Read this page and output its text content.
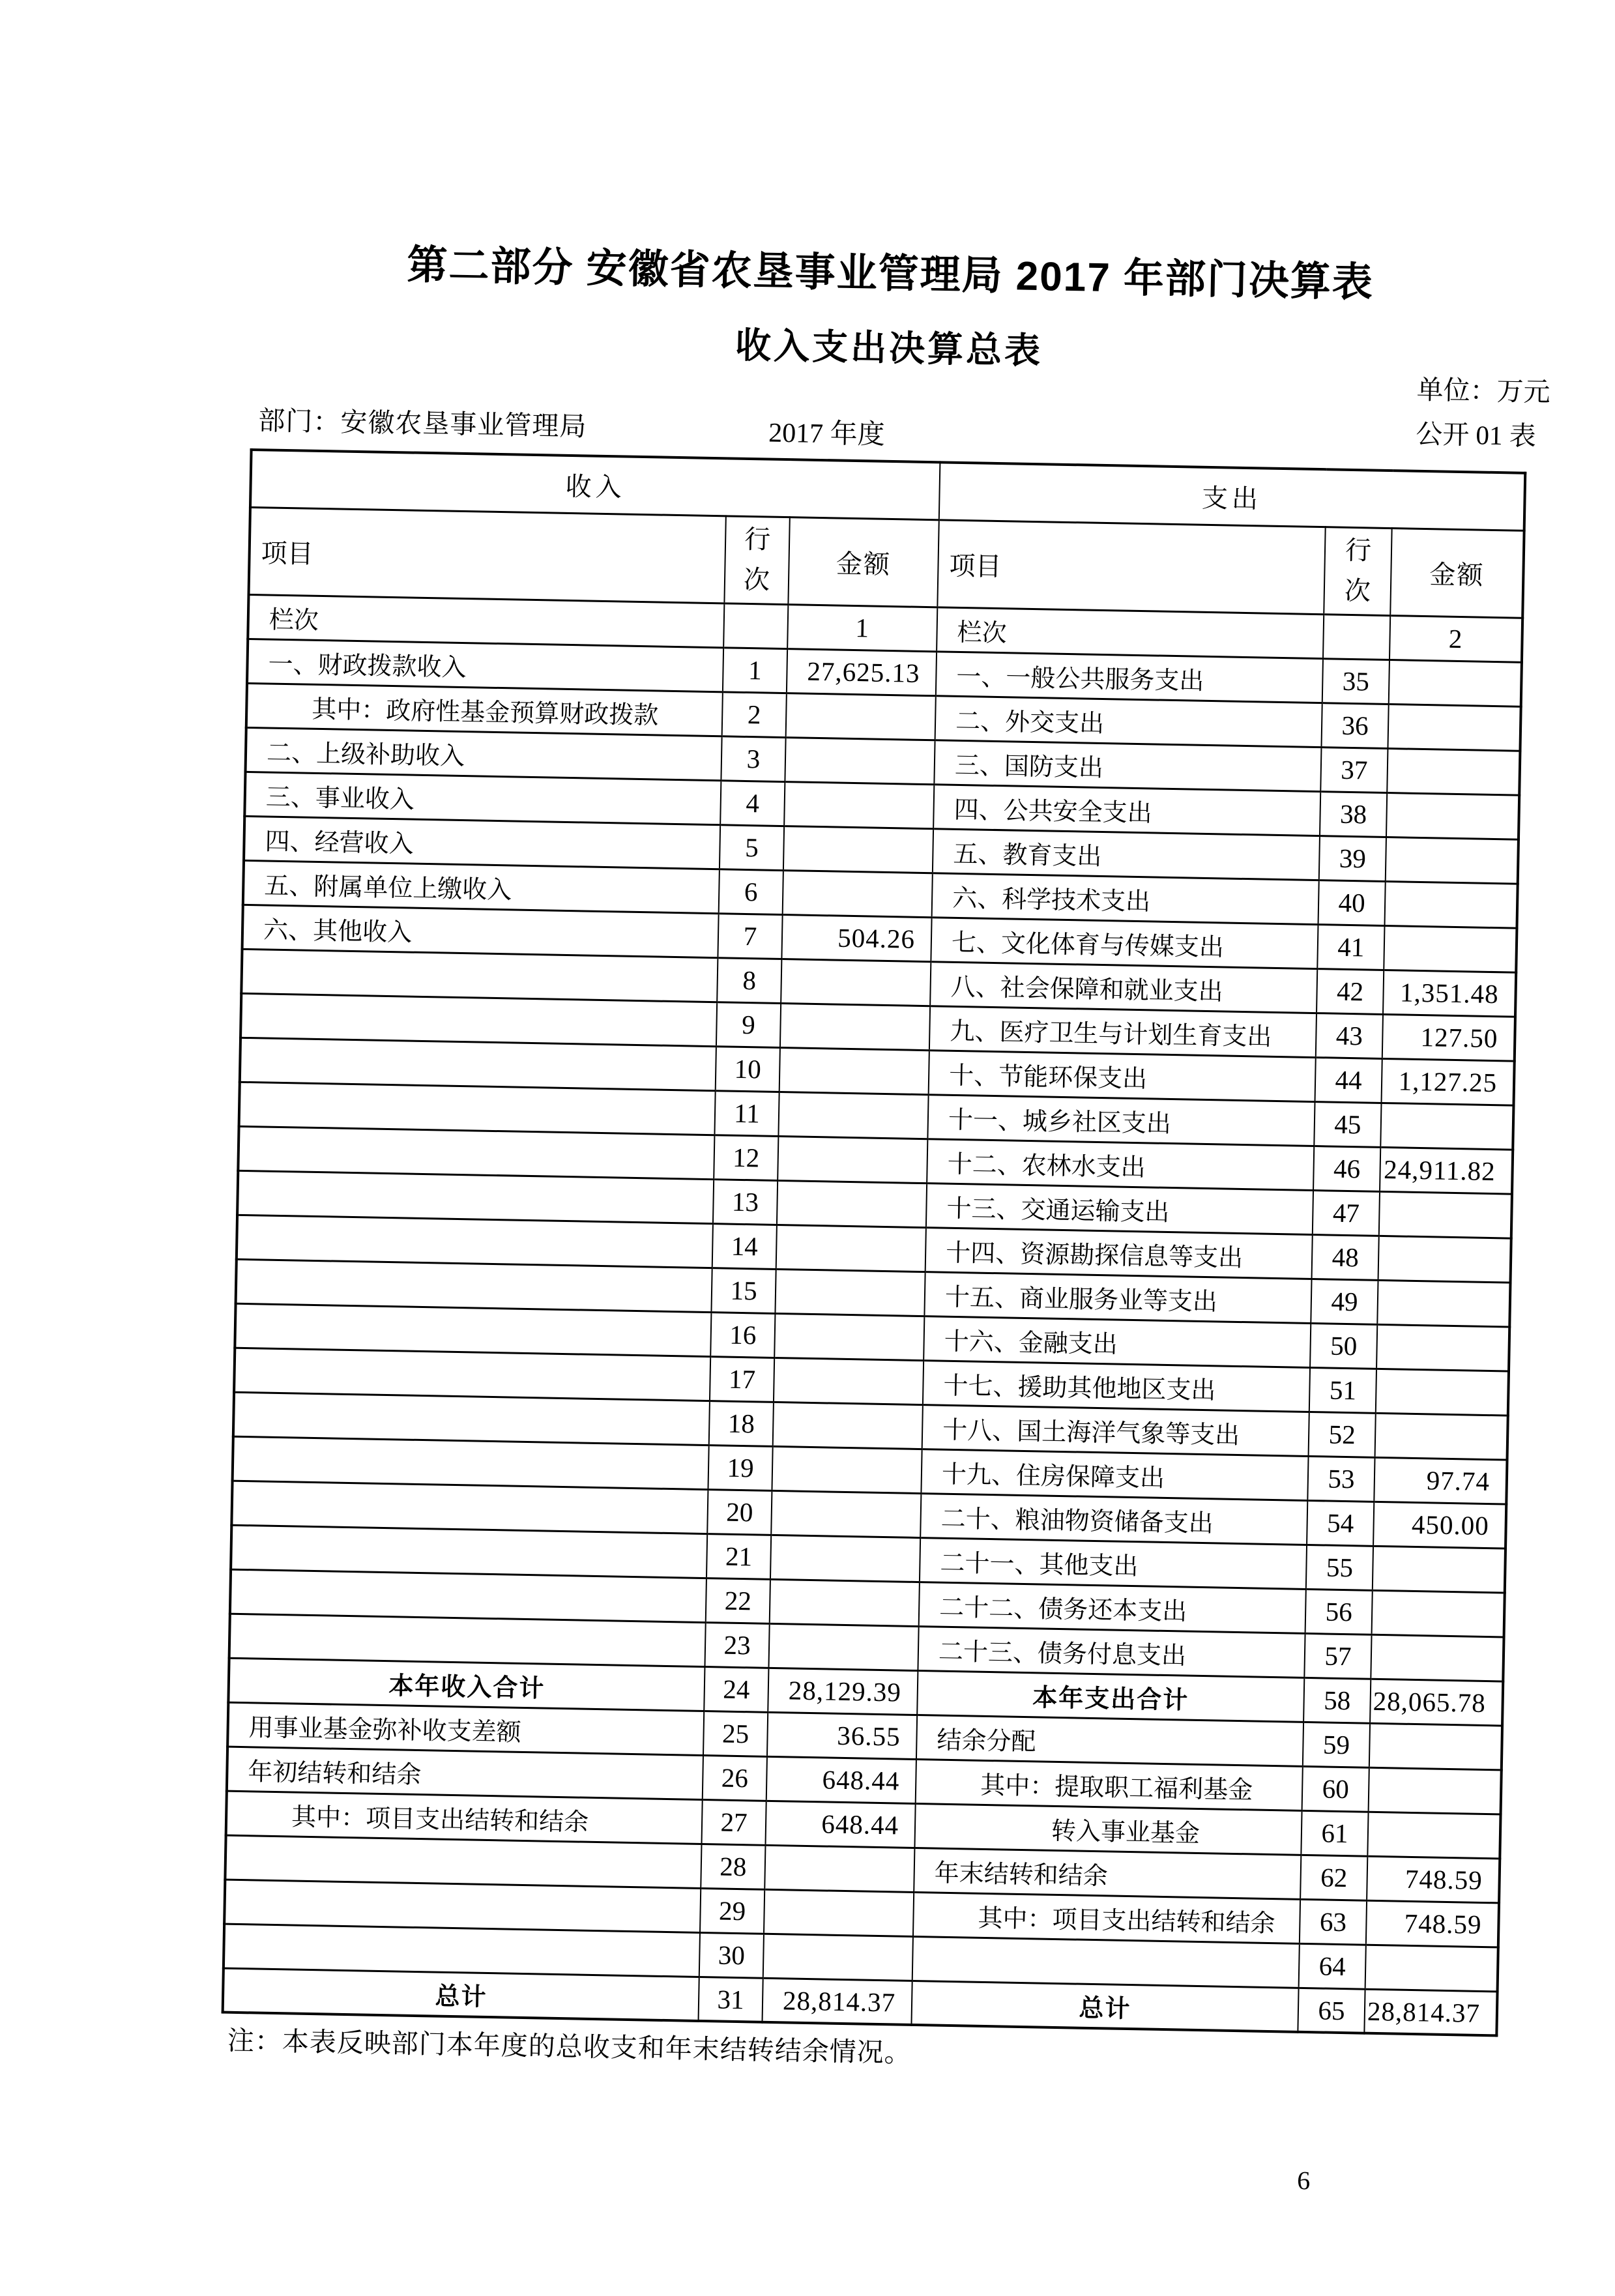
第二部分 安徽省农垦事业管理局 2017 年部门决算表
收入支出决算总表
部门：安徽农垦事业管理局	2017 年度
单位：万元
公开 01 表
收入			支出		
项目	行次	金额	项目	行次	金额
栏次		1	栏次		2
一、财政拨款收入	1	27,625.13	一、一般公共服务支出	35	
其中：政府性基金预算财政拨款	2		二、外交支出	36	
二、上级补助收入	3		三、国防支出	37	
三、事业收入	4		四、公共安全支出	38	
四、经营收入	5		五、教育支出	39	
五、附属单位上缴收入	6		六、科学技术支出	40	
六、其他收入	7	504.26	七、文化体育与传媒支出	41	
	8		八、社会保障和就业支出	42	1,351.48
	9		九、医疗卫生与计划生育支出	43	127.50
	10		十、节能环保支出	44	1,127.25
	11		十一、城乡社区支出	45	
	12		十二、农林水支出	46	24,911.82
	13		十三、交通运输支出	47	
	14		十四、资源勘探信息等支出	48	
	15		十五、商业服务业等支出	49	
	16		十六、金融支出	50	
	17		十七、援助其他地区支出	51	
	18		十八、国土海洋气象等支出	52	
	19		十九、住房保障支出	53	97.74
	20		二十、粮油物资储备支出	54	450.00
	21		二十一、其他支出	55	
	22		二十二、债务还本支出	56	
	23		二十三、债务付息支出	57	
本年收入合计	24	28,129.39	本年支出合计	58	28,065.78
用事业基金弥补收支差额	25	36.55	结余分配	59	
年初结转和结余	26	648.44	其中：提取职工福利基金	60	
其中：项目支出结转和结余	27	648.44	转入事业基金	61	
	28		年末结转和结余	62	748.59
	29		其中：项目支出结转和结余	63	748.59
	30			64	
总计	31	28,814.37	总计	65	28,814.37
注：本表反映部门本年度的总收支和年末结转结余情况。
6
